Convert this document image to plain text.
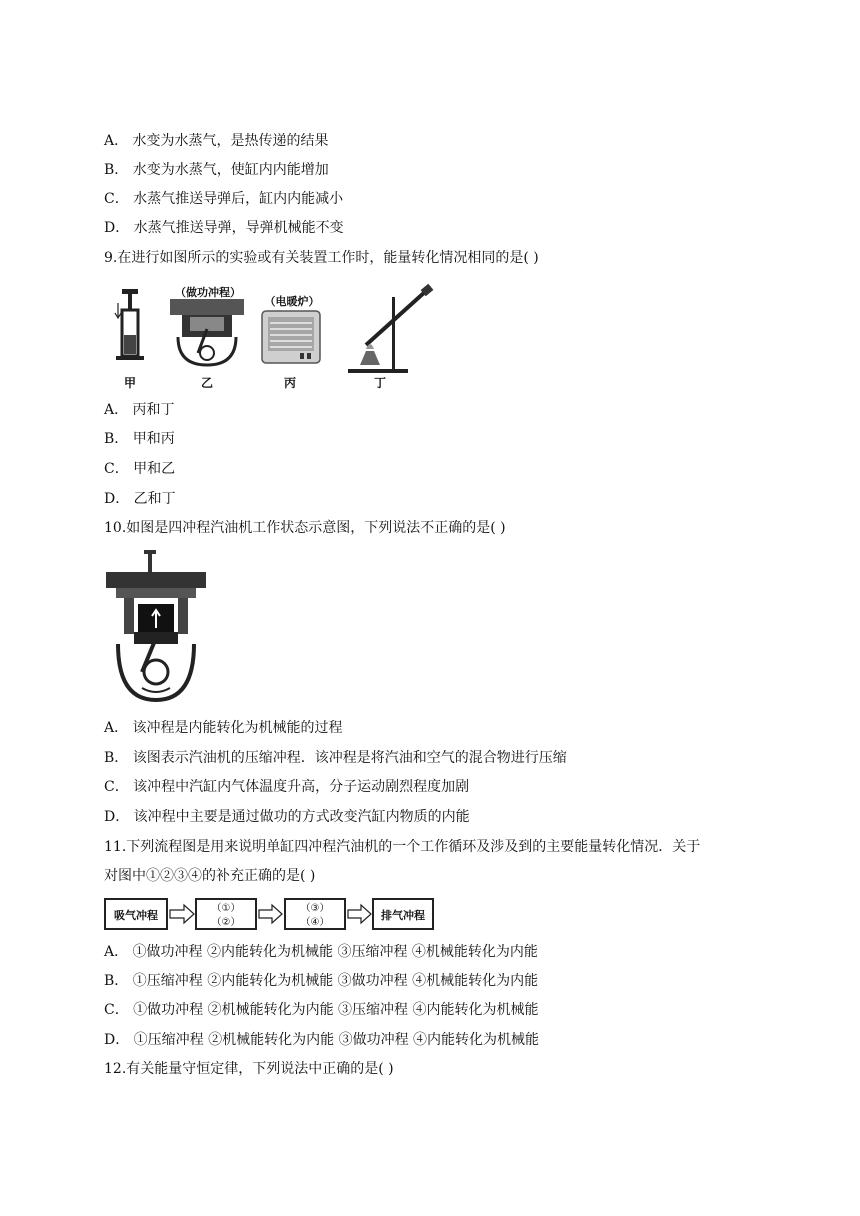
A． 水变为水蒸气，是热传递的结果
B． 水变为水蒸气，使缸内内能增加
C． 水蒸气推送导弹后，缸内内能减小
D． 水蒸气推送导弹，导弹机械能不变
9.在进行如图所示的实验或有关装置工作时，能量转化情况相同的是( )
（做功冲程）
（电暖炉）
甲	乙	丙	丁
A． 丙和丁
B． 甲和丙
C． 甲和乙
D． 乙和丁
10.如图是四冲程汽油机工作状态示意图，下列说法不正确的是( )
A． 该冲程是内能转化为机械能的过程
B． 该图表示汽油机的压缩冲程．该冲程是将汽油和空气的混合物进行压缩
C． 该冲程中汽缸内气体温度升高，分子运动剧烈程度加剧
D． 该冲程中主要是通过做功的方式改变汽缸内物质的内能
11.下列流程图是用来说明单缸四冲程汽油机的一个工作循环及涉及到的主要能量转化情况．关于
对图中①②③④的补充正确的是( )
吸气冲程
（①）
（②）
（③）
（④）
排气冲程
A． ①做功冲程 ②内能转化为机械能 ③压缩冲程 ④机械能转化为内能
B． ①压缩冲程 ②内能转化为机械能 ③做功冲程 ④机械能转化为内能
C． ①做功冲程 ②机械能转化为内能 ③压缩冲程 ④内能转化为机械能
D． ①压缩冲程 ②机械能转化为内能 ③做功冲程 ④内能转化为机械能
12.有关能量守恒定律，下列说法中正确的是( )
